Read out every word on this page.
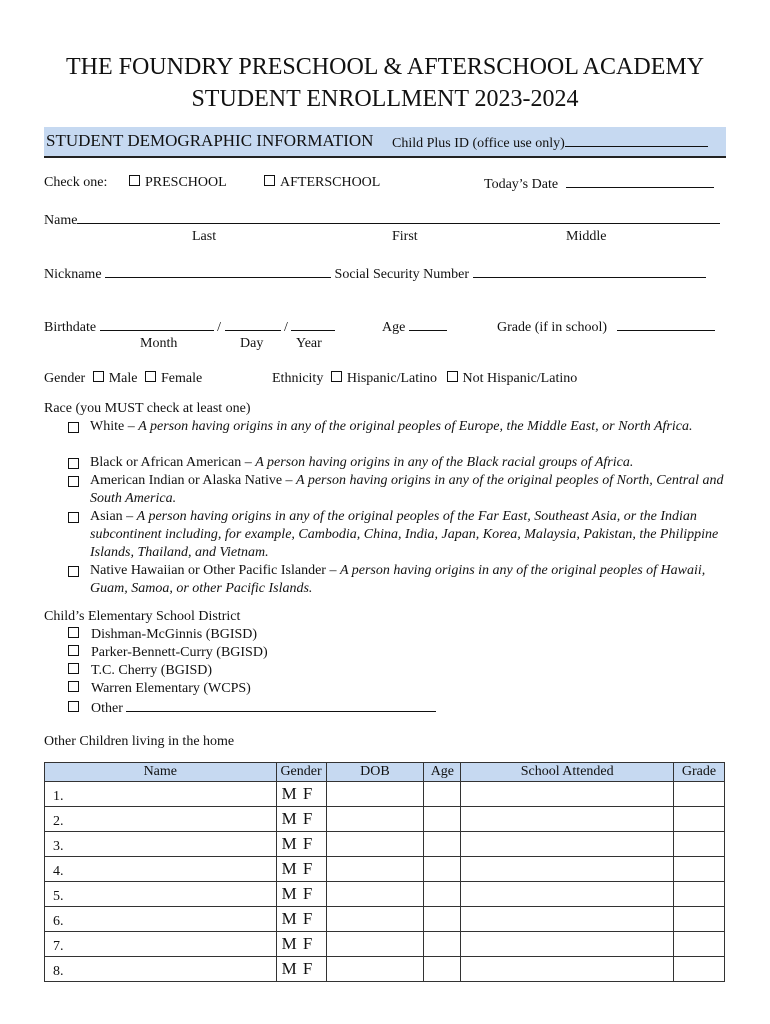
THE FOUNDRY PRESCHOOL & AFTERSCHOOL ACADEMY
STUDENT ENROLLMENT 2023-2024
STUDENT DEMOGRAPHIC INFORMATION Child Plus ID (office use only)
Check one:	PRESCHOOL	AFTERSCHOOL	Today’s Date
Name
Last	First	Middle
Nickname	Social Security Number
Birthdate	/	/	Age	Grade (if in school)
Month	Day Year
Gender Male Female	Ethnicity Hispanic/Latino Not Hispanic/Latino
Race (you MUST check at least one)
White – A person having origins in any of the original peoples of Europe, the Middle East, or North Africa.
Black or African American – A person having origins in any of the Black racial groups of Africa.
American Indian or Alaska Native – A person having origins in any of the original peoples of North, Central and South America.
Asian – A person having origins in any of the original peoples of the Far East, Southeast Asia, or the Indian subcontinent including, for example, Cambodia, China, India, Japan, Korea, Malaysia, Pakistan, the Philippine Islands, Thailand, and Vietnam.
Native Hawaiian or Other Pacific Islander – A person having origins in any of the original peoples of Hawaii, Guam, Samoa, or other Pacific Islands.
Child’s Elementary School District
Dishman-McGinnis (BGISD)
Parker-Bennett-Curry (BGISD)
T.C. Cherry (BGISD)
Warren Elementary (WCPS)
Other
Other Children living in the home
Name	Gender	DOB	Age	School Attended	Grade
1.	M F				
2.	M F				
3.	M F				
4.	M F				
5.	M F				
6.	M F				
7.	M F				
8.	M F				
